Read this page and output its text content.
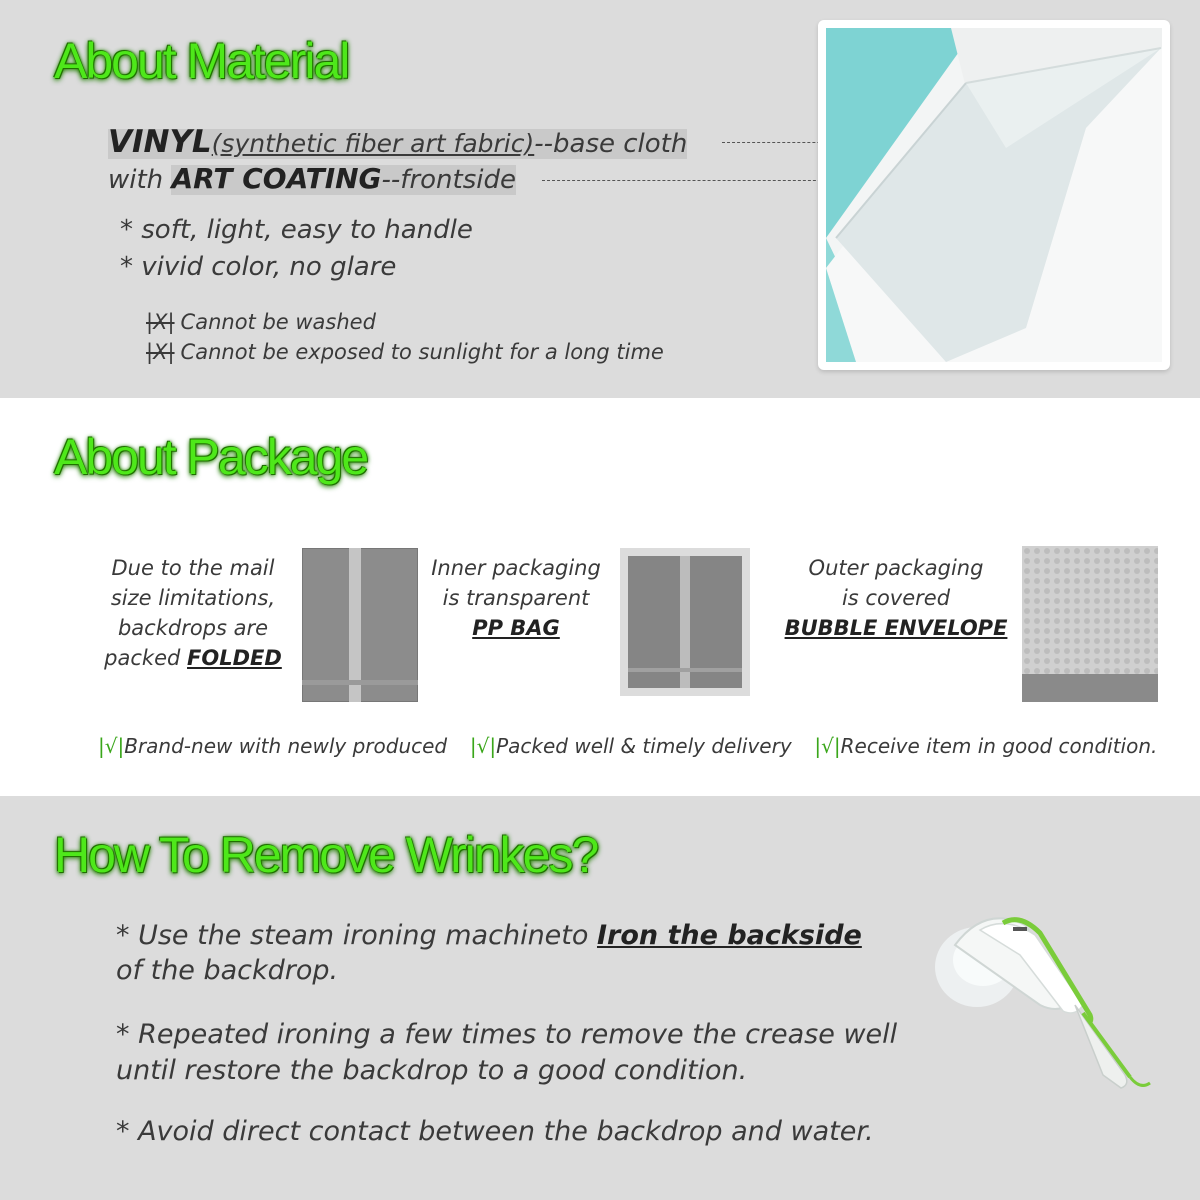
About Material
VINYL(synthetic fiber art fabric)--base cloth
with ART COATING--frontside
* soft, light, easy to handle
* vivid color, no glare
|X| Cannot be washed
|X| Cannot be exposed to sunlight for a long time
About Package
Due to the mail
size limitations,
backdrops are
packed FOLDED
Inner packaging
is transparent
PP BAG
Outer packaging
is covered
BUBBLE ENVELOPE
|√|Brand-new with newly produced |√|Packed well & timely delivery |√|Receive item in good condition.
How To Remove Wrinkes?
* Use the steam ironing machineto Iron the backside
of the backdrop.
* Repeated ironing a few times to remove the crease well
until restore the backdrop to a good condition.
* Avoid direct contact between the backdrop and water.
